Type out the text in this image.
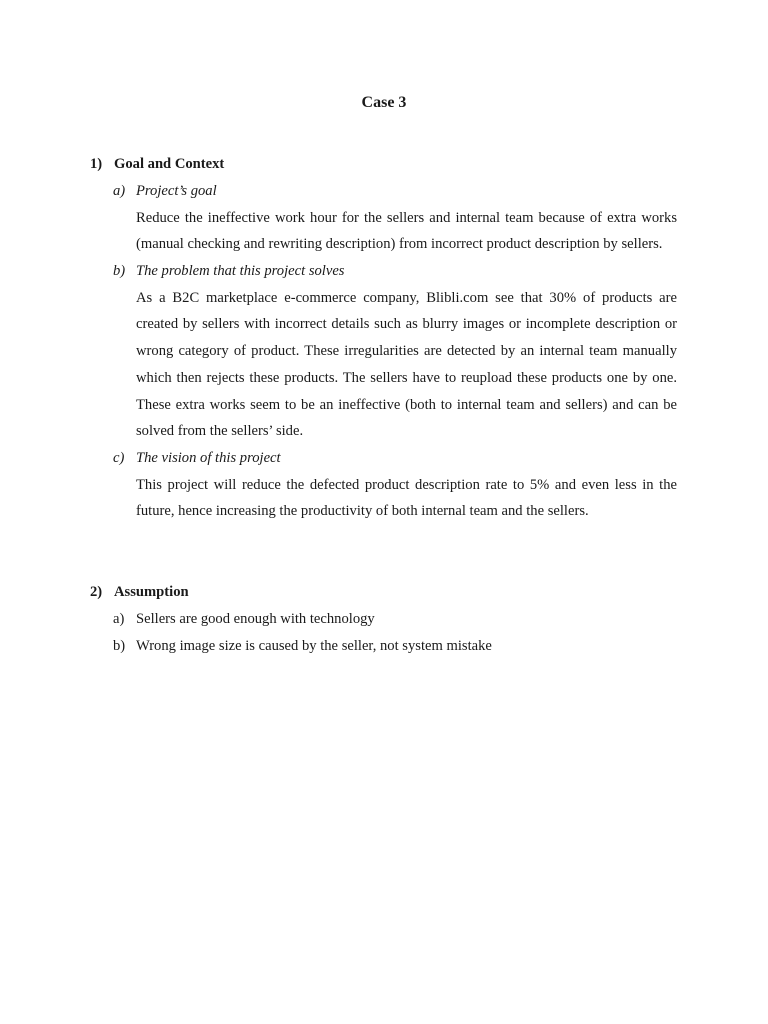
Case 3
1) Goal and Context
a) Project’s goal
Reduce the ineffective work hour for the sellers and internal team because of extra works (manual checking and rewriting description) from incorrect product description by sellers.
b) The problem that this project solves
As a B2C marketplace e-commerce company, Blibli.com see that 30% of products are created by sellers with incorrect details such as blurry images or incomplete description or wrong category of product. These irregularities are detected by an internal team manually which then rejects these products. The sellers have to reupload these products one by one. These extra works seem to be an ineffective (both to internal team and sellers) and can be solved from the sellers’ side.
c) The vision of this project
This project will reduce the defected product description rate to 5% and even less in the future, hence increasing the productivity of both internal team and the sellers.
2) Assumption
a) Sellers are good enough with technology
b) Wrong image size is caused by the seller, not system mistake
